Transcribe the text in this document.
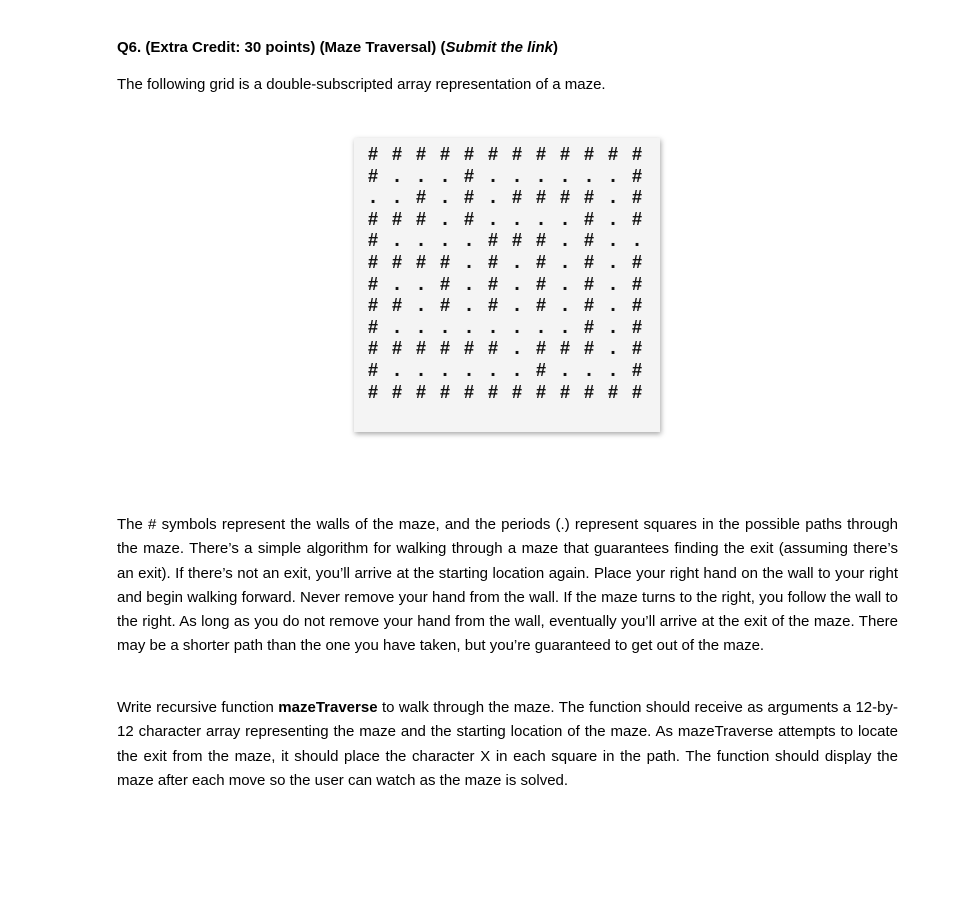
Q6. (Extra Credit: 30 points) (Maze Traversal) (Submit the link)
The following grid is a double-subscripted array representation of a maze.
# # # # # # # # # # # #
# . . . # . . . . . . #
. . # . # . # # # # . #
# # # . # . . . . # . #
# . . . . # # # . # . .
# # # # . # . # . # . #
# . . # . # . # . # . #
# # . # . # . # . # . #
# . . . . . . . . # . #
# # # # # # . # # # . #
# . . . . . . # . . . #
# # # # # # # # # # # #

The # symbols represent the walls of the maze, and the periods (.) represent squares in the possible paths through the maze. There’s a simple algorithm for walking through a maze that guarantees finding the exit (assuming there’s an exit). If there’s not an exit, you’ll arrive at the starting location again. Place your right hand on the wall to your right and begin walking forward. Never remove your hand from the wall. If the maze turns to the right, you follow the wall to the right. As long as you do not remove your hand from the wall, eventually you’ll arrive at the exit of the maze. There may be a shorter path than the one you have taken, but you’re guaranteed to get out of the maze.

Write recursive function mazeTraverse to walk through the maze. The function should receive as arguments a 12-by-12 character array representing the maze and the starting location of the maze. As mazeTraverse attempts to locate the exit from the maze, it should place the character X in each square in the path. The function should display the maze after each move so the user can watch as the maze is solved.
